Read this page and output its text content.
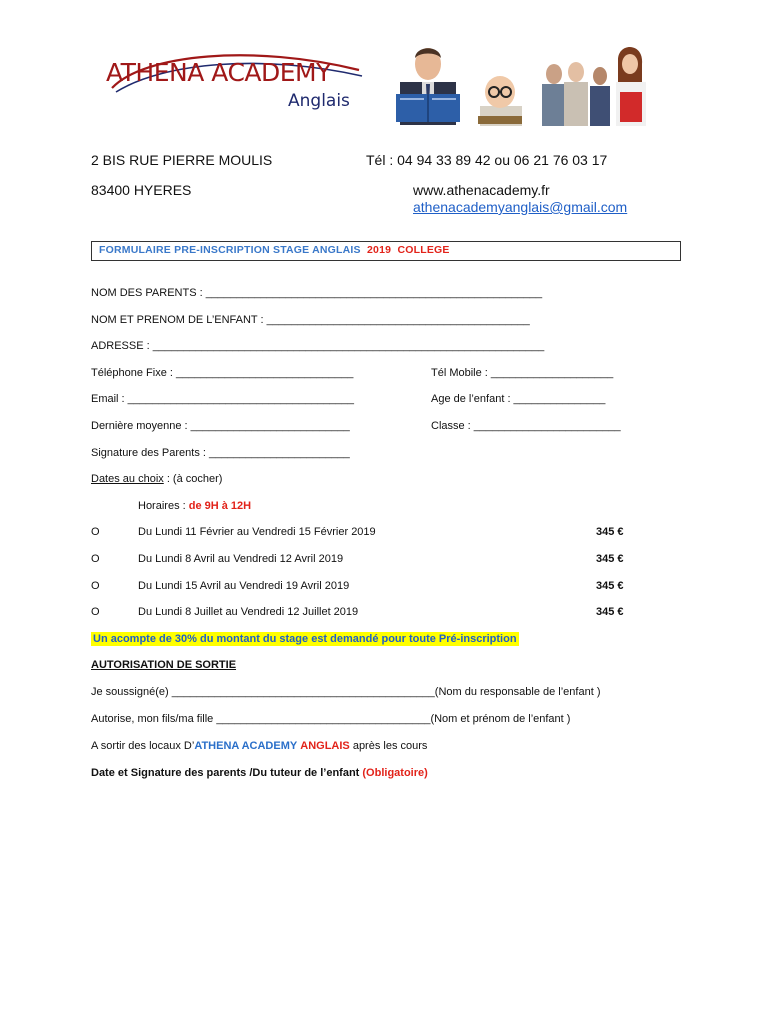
ATHENA ACADEMY
Anglais
2 BIS RUE PIERRE MOULIS
83400 HYERES
Tél : 04 94 33 89 42 ou 06 21 76 03 17
www.athenacademy.fr
athenacademyanglais@gmail.com
FORMULAIRE PRE-INSCRIPTION STAGE ANGLAIS 2019 COLLEGE
NOM DES PARENTS : _______________________________________________________
NOM ET PRENOM DE L’ENFANT : ___________________________________________
ADRESSE : ________________________________________________________________
Téléphone Fixe : _____________________________	Tél Mobile : ____________________
Email : _____________________________________	Age de l’enfant : _______________
Dernière moyenne : __________________________	Classe : ________________________
Signature des Parents : _______________________
Dates au choix : (à cocher)
Horaires : de 9H à 12H
O	Du Lundi 11 Février au Vendredi 15 Février 2019	345 €
O	Du Lundi 8 Avril au Vendredi 12 Avril 2019	345 €
O	Du Lundi 15 Avril au Vendredi 19 Avril 2019	345 €
O	Du Lundi 8 Juillet au Vendredi 12 Juillet 2019	345 €
Un acompte de 30% du montant du stage est demandé pour toute Pré-inscription
AUTORISATION DE SORTIE
Je soussigné(e) ___________________________________________(Nom du responsable de l’enfant )
Autorise, mon fils/ma fille ___________________________________(Nom et prénom de l’enfant )
A sortir des locaux D’ATHENA ACADEMY ANGLAIS après les cours
Date et Signature des parents /Du tuteur de l’enfant (Obligatoire)
